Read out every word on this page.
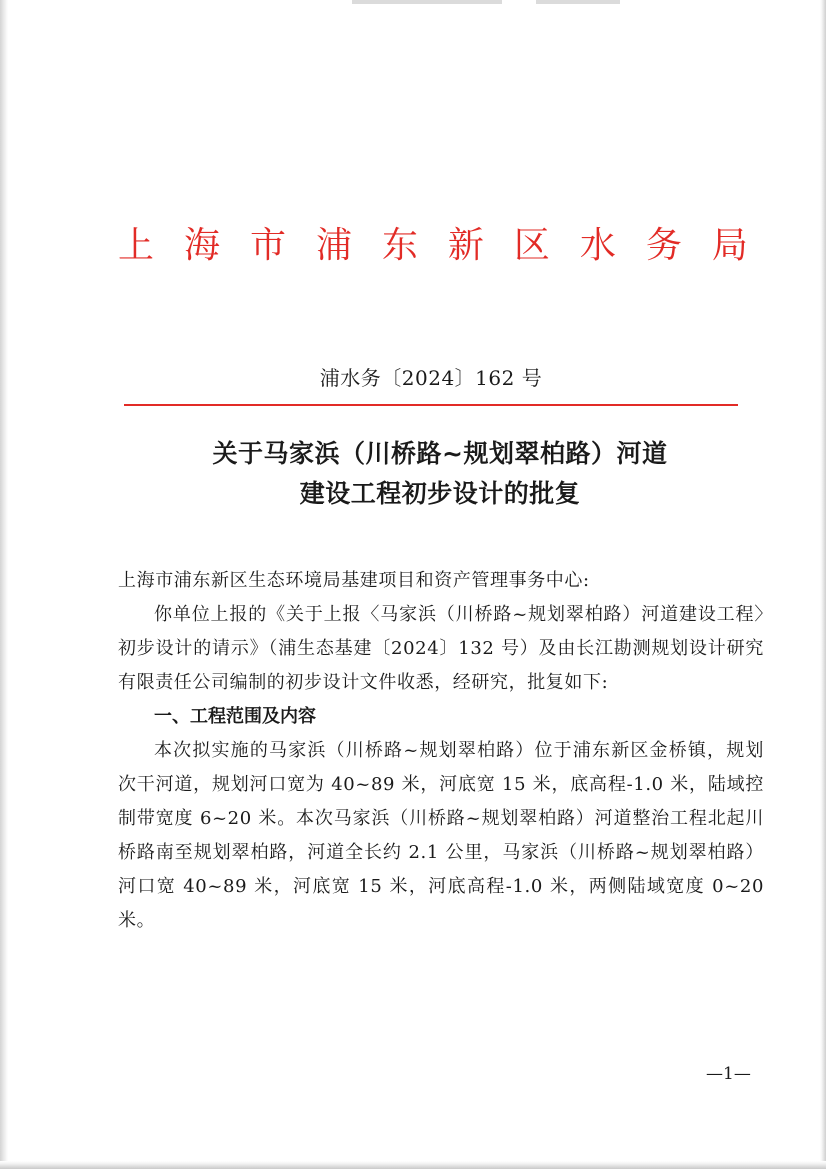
上 海 市 浦 东 新 区 水 务 局
浦水务〔2024〕162 号
关于马家浜（川桥路~规划翠柏路）河道
建设工程初步设计的批复

上海市浦东新区生态环境局基建项目和资产管理事务中心:

你单位上报的《关于上报〈马家浜（川桥路~规划翠柏路）河道建设工程〉初步设计的请示》（浦生态基建〔2024〕132 号）及由长江勘测规划设计研究有限责任公司编制的初步设计文件收悉，经研究，批复如下:

一、工程范围及内容

本次拟实施的马家浜（川桥路~规划翠柏路）位于浦东新区金桥镇，规划次干河道，规划河口宽为 40~89 米，河底宽 15 米，底高程-1.0 米，陆域控制带宽度 6~20 米。本次马家浜（川桥路~规划翠柏路）河道整治工程北起川桥路南至规划翠柏路，河道全长约 2.1 公里，马家浜（川桥路~规划翠柏路）河口宽 40~89 米，河底宽 15 米，河底高程-1.0 米，两侧陆域宽度 0~20 米。

—1—
